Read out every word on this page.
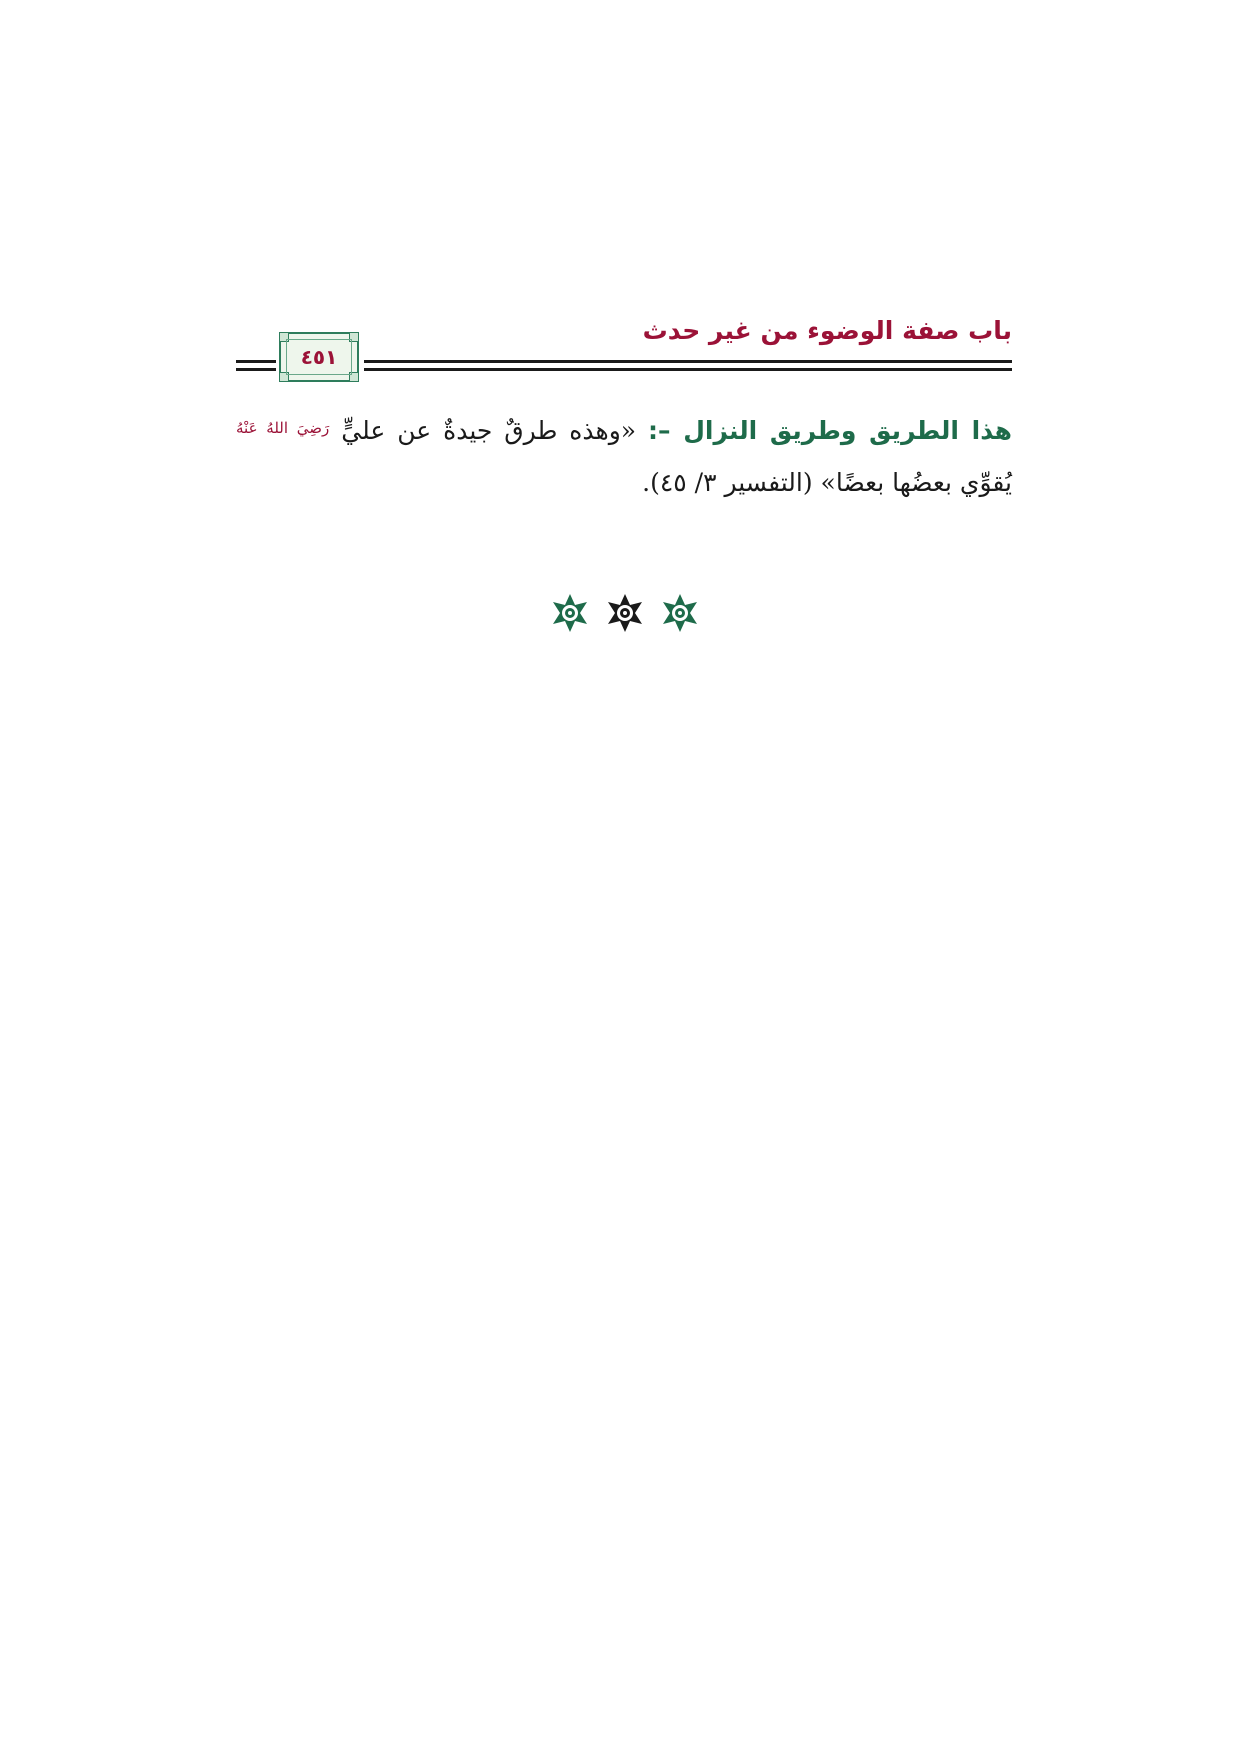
باب صفة الوضوء من غير حدث
٤٥١
هذا الطريق وطريق النزال –: «وهذه طرقٌ جيدةٌ عن عليٍّ $^{رَضِيَ اللهُ عَنْهُ}$ يُقوِّي بعضُها بعضًا» (التفسير ٣/ ٤٥).
